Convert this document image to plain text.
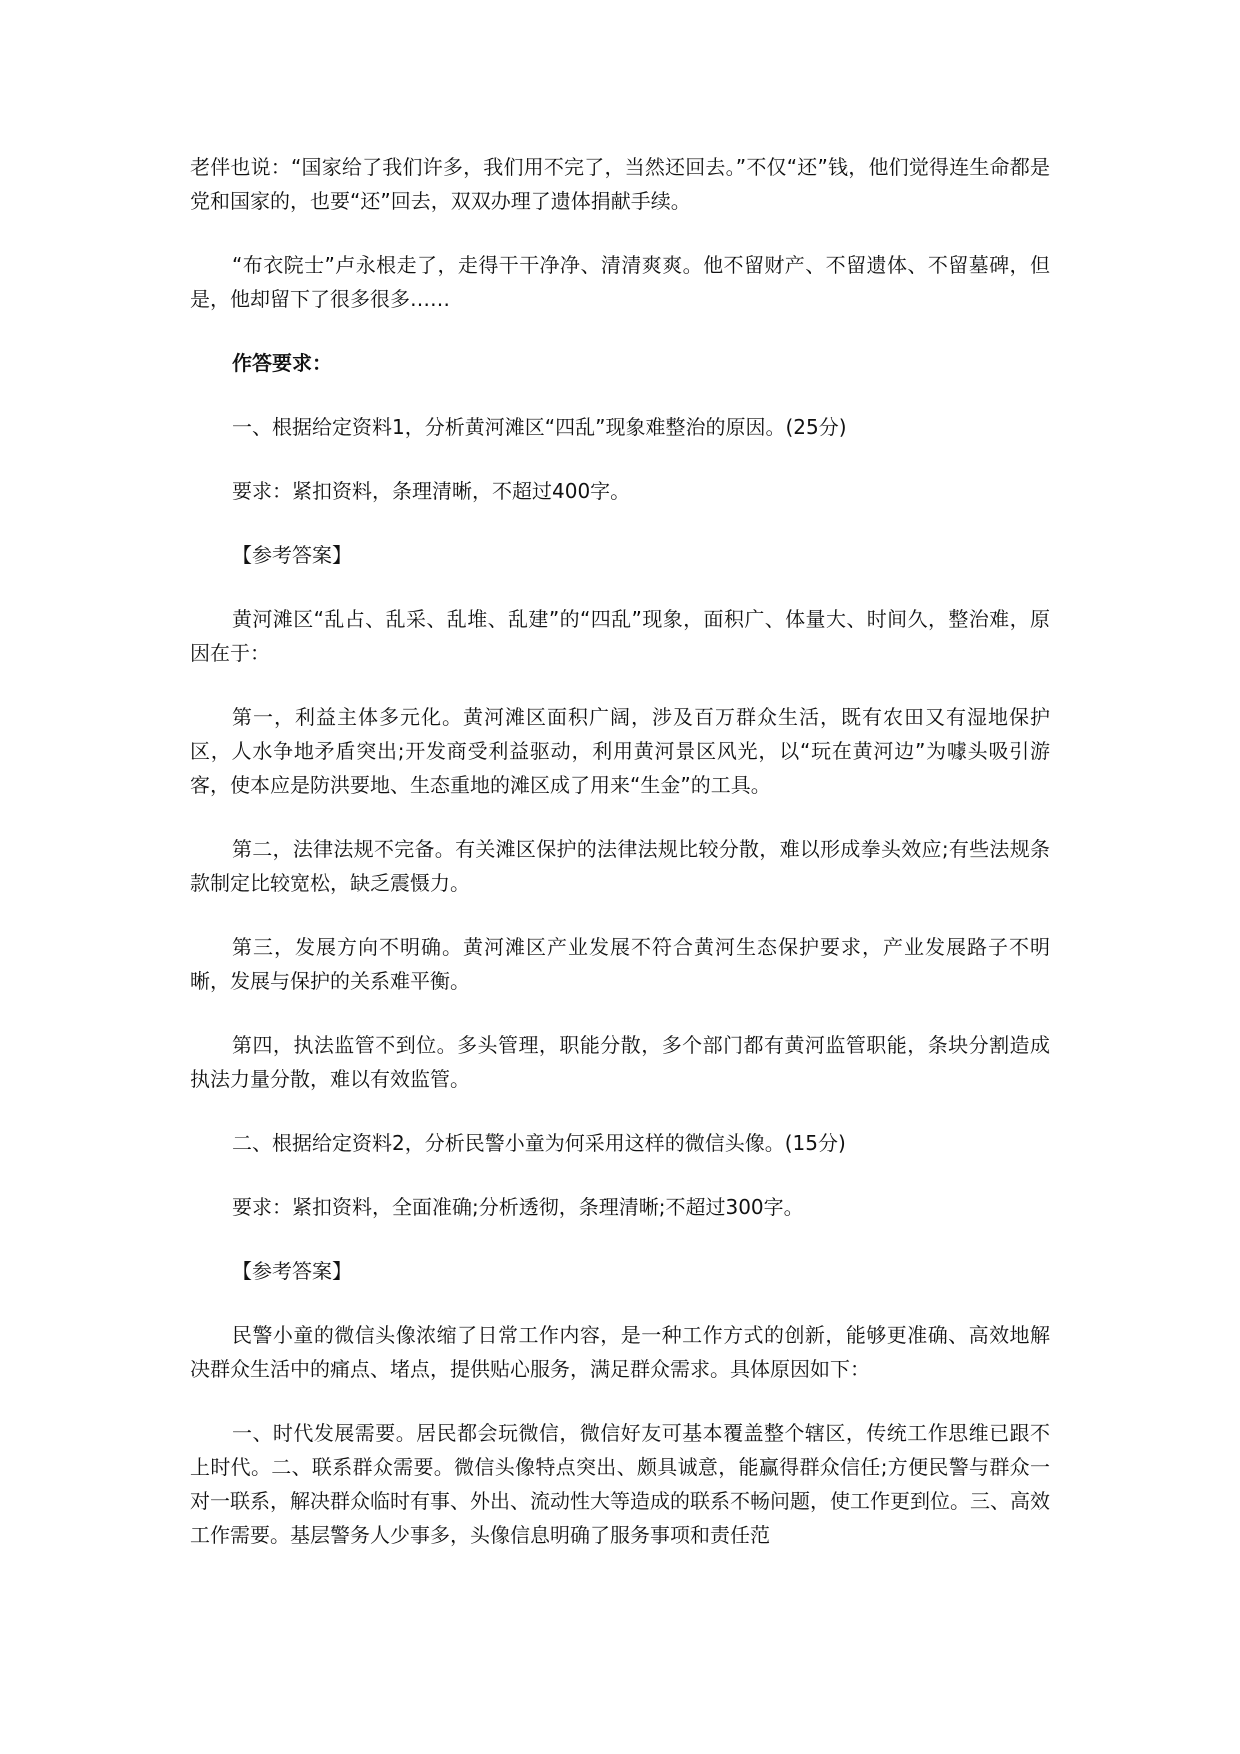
老伴也说：“国家给了我们许多，我们用不完了，当然还回去。”不仅“还”钱，他们觉得连生命都是党和国家的，也要“还”回去，双双办理了遗体捐献手续。

“布衣院士”卢永根走了，走得干干净净、清清爽爽。他不留财产、不留遗体、不留墓碑，但是，他却留下了很多很多……

作答要求：

一、根据给定资料1，分析黄河滩区“四乱”现象难整治的原因。(25分)

要求：紧扣资料，条理清晰，不超过400字。

【参考答案】

黄河滩区“乱占、乱采、乱堆、乱建”的“四乱”现象，面积广、体量大、时间久，整治难，原因在于：

第一，利益主体多元化。黄河滩区面积广阔，涉及百万群众生活，既有农田又有湿地保护区，人水争地矛盾突出;开发商受利益驱动，利用黄河景区风光，以“玩在黄河边”为噱头吸引游客，使本应是防洪要地、生态重地的滩区成了用来“生金”的工具。

第二，法律法规不完备。有关滩区保护的法律法规比较分散，难以形成拳头效应;有些法规条款制定比较宽松，缺乏震慑力。

第三，发展方向不明确。黄河滩区产业发展不符合黄河生态保护要求，产业发展路子不明晰，发展与保护的关系难平衡。

第四，执法监管不到位。多头管理，职能分散，多个部门都有黄河监管职能，条块分割造成执法力量分散，难以有效监管。

二、根据给定资料2，分析民警小童为何采用这样的微信头像。(15分)

要求：紧扣资料，全面准确;分析透彻，条理清晰;不超过300字。

【参考答案】

民警小童的微信头像浓缩了日常工作内容，是一种工作方式的创新，能够更准确、高效地解决群众生活中的痛点、堵点，提供贴心服务，满足群众需求。具体原因如下：

一、时代发展需要。居民都会玩微信，微信好友可基本覆盖整个辖区，传统工作思维已跟不上时代。二、联系群众需要。微信头像特点突出、颇具诚意，能赢得群众信任;方便民警与群众一对一联系，解决群众临时有事、外出、流动性大等造成的联系不畅问题，使工作更到位。三、高效工作需要。基层警务人少事多，头像信息明确了服务事项和责任范
